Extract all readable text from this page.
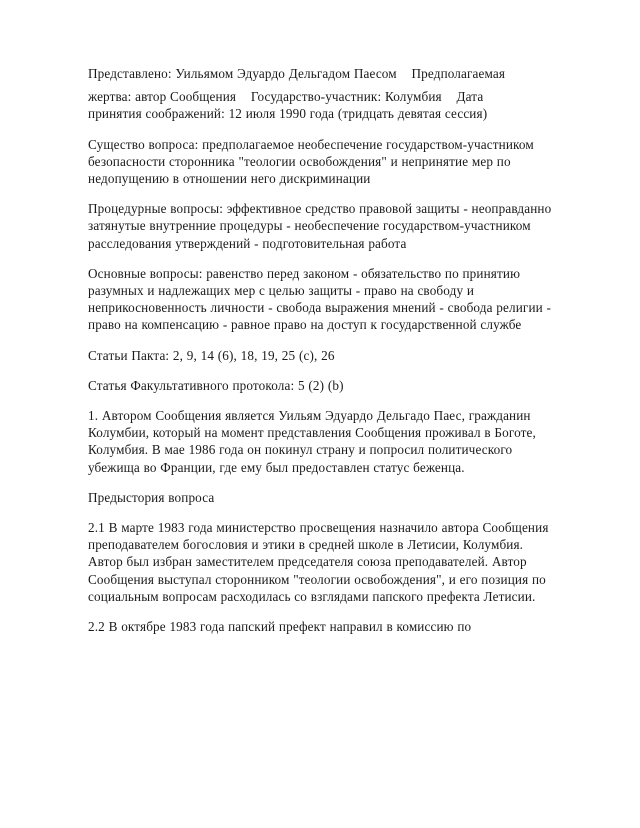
Представлено: Уильямом Эдуардо Дельгадом Паесом    Предполагаемая
жертва: автор Сообщения    Государство-участник: Колумбия    Дата
принятия соображений: 12 июля 1990 года (тридцать девятая сессия)

Существо вопроса: предполагаемое необеспечение государством-участником безопасности сторонника "теологии освобождения" и непринятие мер по недопущению в отношении него дискриминации

Процедурные вопросы: эффективное средство правовой защиты - неоправданно затянутые внутренние процедуры - необеспечение государством-участником расследования утверждений - подготовительная работа

Основные вопросы: равенство перед законом - обязательство по принятию разумных и надлежащих мер с целью защиты - право на свободу и неприкосновенность личности - свобода выражения мнений - свобода религии - право на компенсацию - равное право на доступ к государственной службе

Статьи Пакта: 2, 9, 14 (6), 18, 19, 25 (с), 26

Статья Факультативного протокола: 5 (2) (b)

1. Автором Сообщения является Уильям Эдуардо Дельгадо Паес, гражданин Колумбии, который на момент представления Сообщения проживал в Боготе, Колумбия. В мае 1986 года он покинул страну и попросил политического убежища во Франции, где ему был предоставлен статус беженца.

Предыстория вопроса

2.1 В марте 1983 года министерство просвещения назначило автора Сообщения преподавателем богословия и этики в средней школе в Летисии, Колумбия. Автор был избран заместителем председателя союза преподавателей. Автор Сообщения выступал сторонником "теологии освобождения", и его позиция по социальным вопросам расходилась со взглядами папского префекта Летисии.

2.2 В октябре 1983 года папский префект направил в комиссию по
